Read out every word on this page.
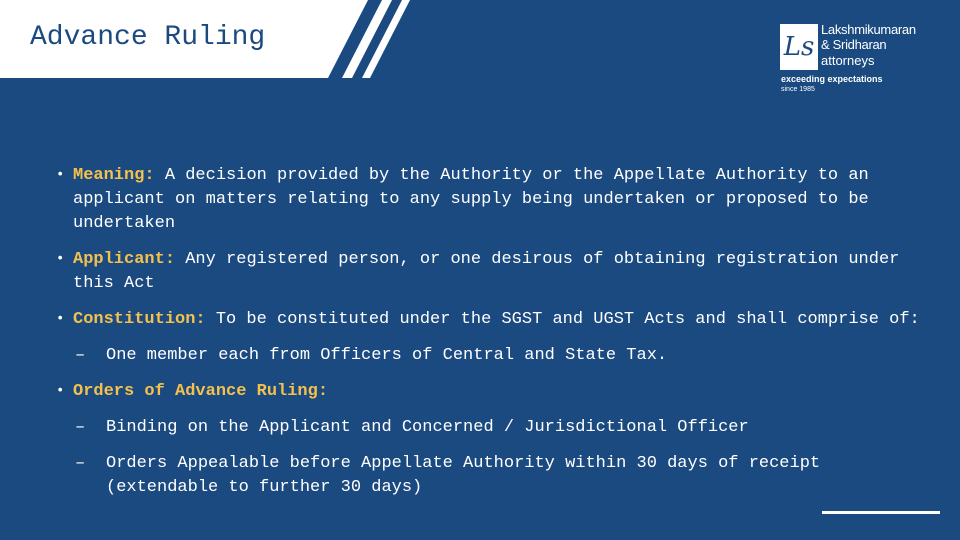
Advance Ruling	Ls
Lakshmikumaran
& Sridharan
attorneys
exceeding expectations
since 1985
• Meaning: A decision provided by the Authority or the Appellate Authority to an applicant on matters relating to any supply being undertaken or proposed to be undertaken
• Applicant: Any registered person, or one desirous of obtaining registration under this Act
• Constitution: To be constituted under the SGST and UGST Acts and shall comprise of:
– One member each from Officers of Central and State Tax.
• Orders of Advance Ruling:
– Binding on the Applicant and Concerned / Jurisdictional Officer
– Orders Appealable before Appellate Authority within 30 days of receipt (extendable to further 30 days)
